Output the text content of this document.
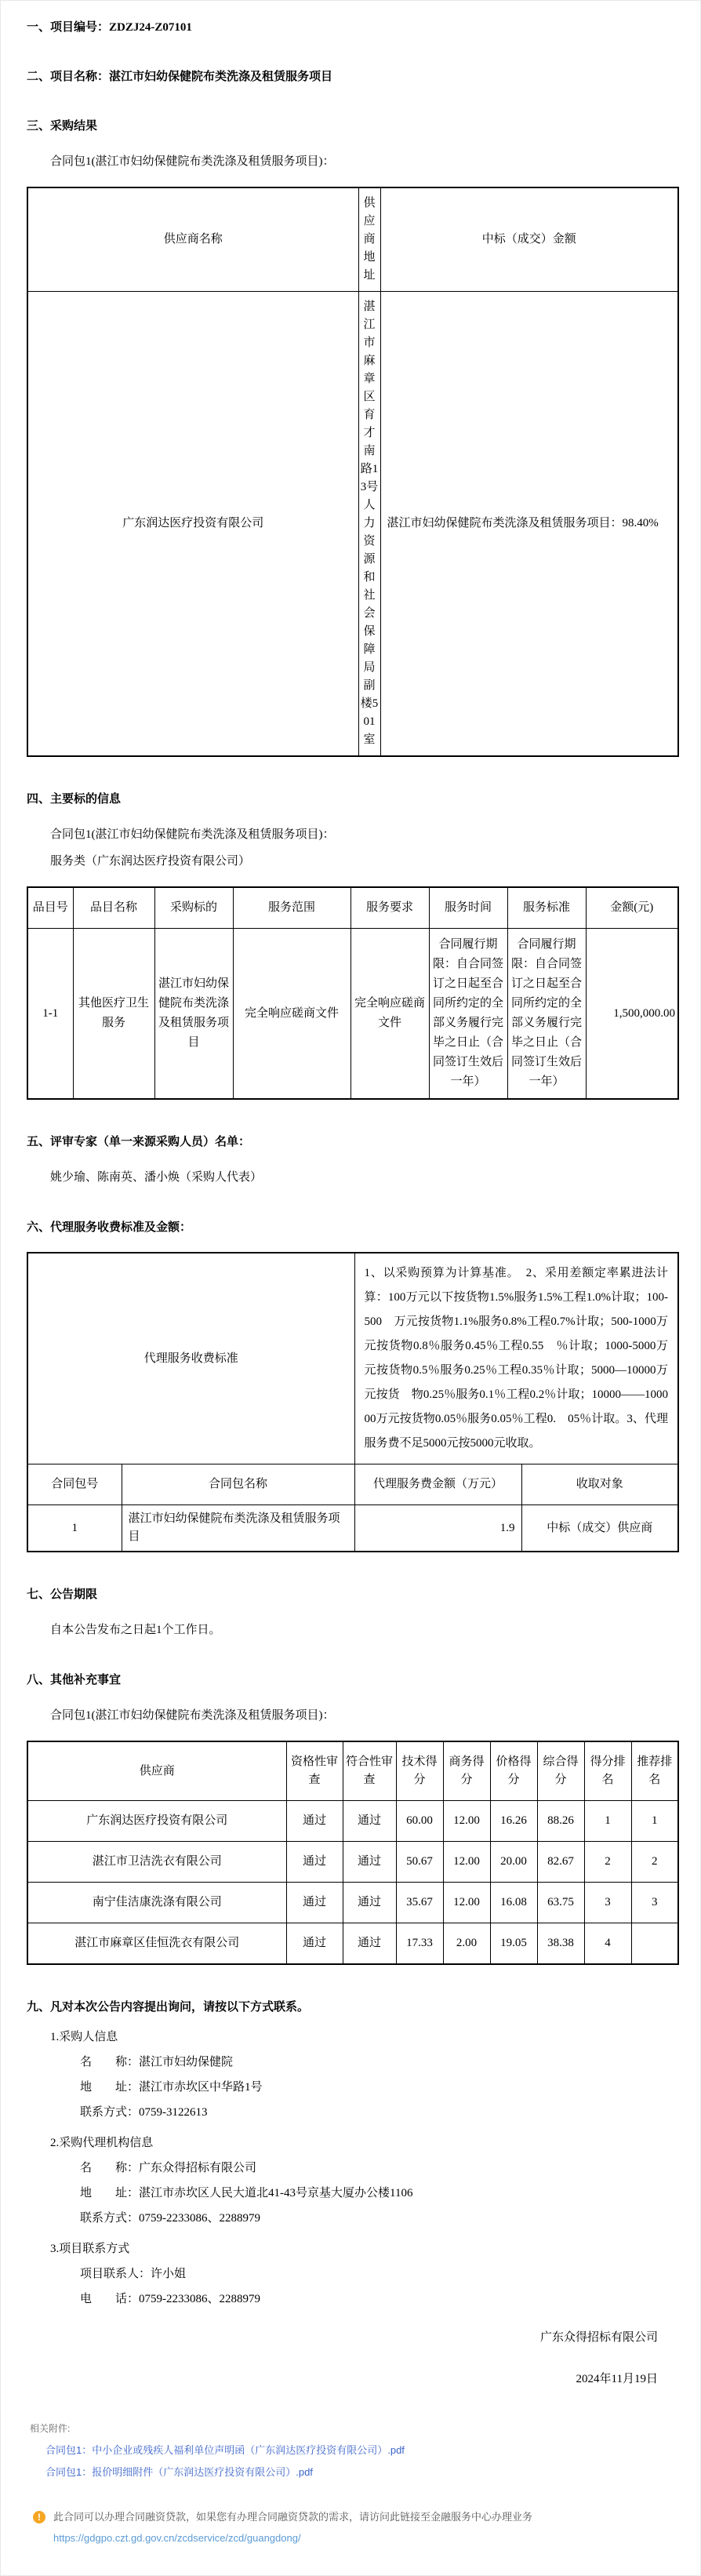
一、项目编号：ZDZJ24-Z07101
二、项目名称：湛江市妇幼保健院布类洗涤及租赁服务项目
三、采购结果
合同包1(湛江市妇幼保健院布类洗涤及租赁服务项目)：
供应商名称	供应商地址	中标（成交）金额
广东润达医疗投资有限公司	湛江市麻章区育才南路13号人力资源和社会保障局副楼501室	湛江市妇幼保健院布类洗涤及租赁服务项目：98.40%
四、主要标的信息
合同包1(湛江市妇幼保健院布类洗涤及租赁服务项目)：
服务类（广东润达医疗投资有限公司）
品目号	品目名称	采购标的	服务范围	服务要求	服务时间	服务标准	金额(元)
1-1	其他医疗卫生服务	湛江市妇幼保健院布类洗涤及租赁服务项目	完全响应磋商文件	完全响应磋商文件	合同履行期限：自合同签订之日起至合同所约定的全部义务履行完毕之日止（合同签订生效后一年）	合同履行期限：自合同签订之日起至合同所约定的全部义务履行完毕之日止（合同签订生效后一年）	1,500,000.00
五、评审专家（单一来源采购人员）名单：
姚少瑜、陈南英、潘小焕（采购人代表）
六、代理服务收费标准及金额：
代理服务收费标准		1、以采购预算为计算基准。　2、采用差额定率累进法计算：100万元以下按货物1.5%服务1.5%工程1.0%计取；100-500　万元按货物1.1%服务0.8%工程0.7%计取；500-1000万元按货物0.8％服务0.45％工程0.55　％计取；1000-5000万元按货物0.5％服务0.25％工程0.35％计取；5000—10000万元按货　物0.25％服务0.1％工程0.2％计取；10000——100000万元按货物0.05％服务0.05％工程0.　05％计取。3、代理服务费不足5000元按5000元收取。	
合同包号	合同包名称	代理服务费金额（万元）	收取对象
1	湛江市妇幼保健院布类洗涤及租赁服务项目	1.9	中标（成交）供应商
七、公告期限
自本公告发布之日起1个工作日。
八、其他补充事宜
合同包1(湛江市妇幼保健院布类洗涤及租赁服务项目)：
供应商	资格性审查	符合性审查	技术得分	商务得分	价格得分	综合得分	得分排名	推荐排名
广东润达医疗投资有限公司	通过	通过	60.00	12.00	16.26	88.26	1	1
湛江市卫洁洗衣有限公司	通过	通过	50.67	12.00	20.00	82.67	2	2
南宁佳洁康洗涤有限公司	通过	通过	35.67	12.00	16.08	63.75	3	3
湛江市麻章区佳恒洗衣有限公司	通过	通过	17.33	2.00	19.05	38.38	4	
九、凡对本次公告内容提出询问，请按以下方式联系。
1.采购人信息
名　　称：湛江市妇幼保健院
地　　址：湛江市赤坎区中华路1号
联系方式：0759-3122613
2.采购代理机构信息
名　　称：广东众得招标有限公司
地　　址：湛江市赤坎区人民大道北41-43号京基大厦办公楼1106
联系方式：0759-2233086、2288979
3.项目联系方式
项目联系人：许小姐
电　　话：0759-2233086、2288979
广东众得招标有限公司
2024年11月19日
相关附件:
合同包1：中小企业或残疾人福利单位声明函（广东润达医疗投资有限公司）.pdf
合同包1：报价明细附件（广东润达医疗投资有限公司）.pdf
!	此合同可以办理合同融资贷款，如果您有办理合同融资贷款的需求，请访问此链接至金融服务中心办理业务
https://gdgpo.czt.gd.gov.cn/zcdservice/zcd/guangdong/
